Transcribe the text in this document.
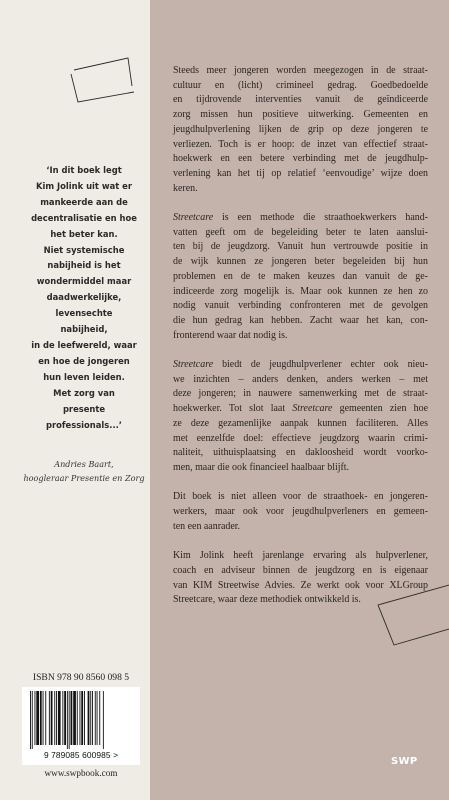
‘In dit boek legt
Kim Jolink uit wat er
mankeerde aan de
decentralisatie en hoe
het beter kan.
Niet systemische
nabijheid is het
wondermiddel maar
daadwerkelijke,
levensechte
nabijheid,
in de leefwereld, waar
en hoe de jongeren
hun leven leiden.
Met zorg van
presente
professionals...’
Andries Baart,
hoogleraar Presentie en Zorg
ISBN 978 90 8560 098 5
9 789085 600985 >
www.swpbook.com

Steeds meer jongeren worden meegezogen in de straat-
cultuur en (licht) crimineel gedrag. Goedbedoelde
en tijdrovende interventies vanuit de geïndiceerde
zorg missen hun positieve uitwerking. Gemeenten en
jeugdhulpverlening lijken de grip op deze jongeren te
verliezen. Toch is er hoop: de inzet van effectief straat-
hoekwerk en een betere verbinding met de jeugdhulp-
verlening kan het tij op relatief ‘eenvoudige’ wijze doen
keren.

Streetcare is een methode die straathoekwerkers hand-
vatten geeft om de begeleiding beter te laten aanslui-
ten bij de jeugdzorg. Vanuit hun vertrouwde positie in
de wijk kunnen ze jongeren beter begeleiden bij hun
problemen en de te maken keuzes dan vanuit de ge-
indiceerde zorg mogelijk is. Maar ook kunnen ze hen zo
nodig vanuit verbinding confronteren met de gevolgen
die hun gedrag kan hebben. Zacht waar het kan, con-
fronterend waar dat nodig is.

Streetcare biedt de jeugdhulpverlener echter ook nieu-
we inzichten – anders denken, anders werken – met
deze jongeren; in nauwere samenwerking met de straat-
hoekwerker. Tot slot laat Streetcare gemeenten zien hoe
ze deze gezamenlijke aanpak kunnen faciliteren. Alles
met eenzelfde doel: effectieve jeugdzorg waarin crimi-
naliteit, uithuisplaatsing en dakloosheid wordt voorko-
men, maar die ook financieel haalbaar blijft.

Dit boek is niet alleen voor de straathoek- en jongeren-
werkers, maar ook voor jeugdhulpverleners en gemeen-
ten een aanrader.

Kim Jolink heeft jarenlange ervaring als hulpverlener,
coach en adviseur binnen de jeugdzorg en is eigenaar
van KIM Streetwise Advies. Ze werkt ook voor XLGroup
Streetcare, waar deze methodiek ontwikkeld is.

SWP
